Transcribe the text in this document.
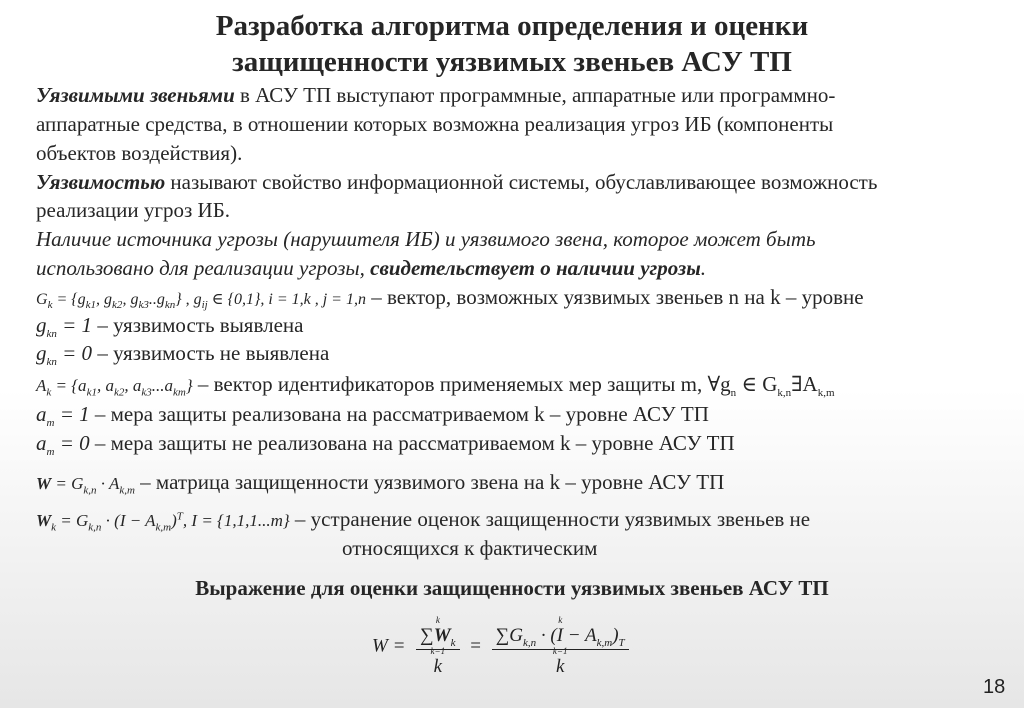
Разработка алгоритма определения и оценки
защищенности уязвимых звеньев АСУ ТП
Уязвимыми звеньями в АСУ ТП выступают программные, аппаратные или программно-
аппаратные средства, в отношении которых возможна реализация угроз ИБ (компоненты
объектов воздействия).
Уязвимостью называют свойство информационной системы, обуславливающее возможность
реализации угроз ИБ.
Наличие источника угрозы (нарушителя ИБ) и уязвимого звена, которое может быть
использовано для реализации угрозы, свидетельствует о наличии угрозы.
$G_k = \{g_{k1}$, $g_{k2}$, $g_{k3}..g_{kn}$} , $g_{ij}$ ∈ {0,1}, i = 1,k , j = 1,n – вектор, возможных уязвимых звеньев n на k – уровне
$g_{kn} = 1$ – уязвимость выявлена
$g_{kn} = 0$ – уязвимость не выявлена
$A_k = \{a_{k1}$, $a_{k2}$, $a_{k3}...a_{km}$} – вектор идентификаторов применяемых мер защиты m, $\forall g_n$ ∈ $G_{k,n}\exists A_{k,m}$
$a_m = 1$ – мера защиты реализована на рассматриваемом k – уровне АСУ ТП
$a_m = 0$ – мера защиты не реализована на рассматриваемом k – уровне АСУ ТП
$W = G_{k,n} \cdot A_{k,m}$ – матрица защищенности уязвимого звена на k – уровне АСУ ТП
$W_k = G_{k,n} \cdot (I - A_{k,m})^T$, I = {1,1,1...m} – устранение оценок защищенности уязвимых звеньев не
относящихся к фактическим
Выражение для оценки защищенности уязвимых звеньев АСУ ТП
W =
k
$\sum W_k$
k=1
k
=
k
$\sum G_{k,n} \cdot (I - A_{k,m})_T$
k=1
k
18
